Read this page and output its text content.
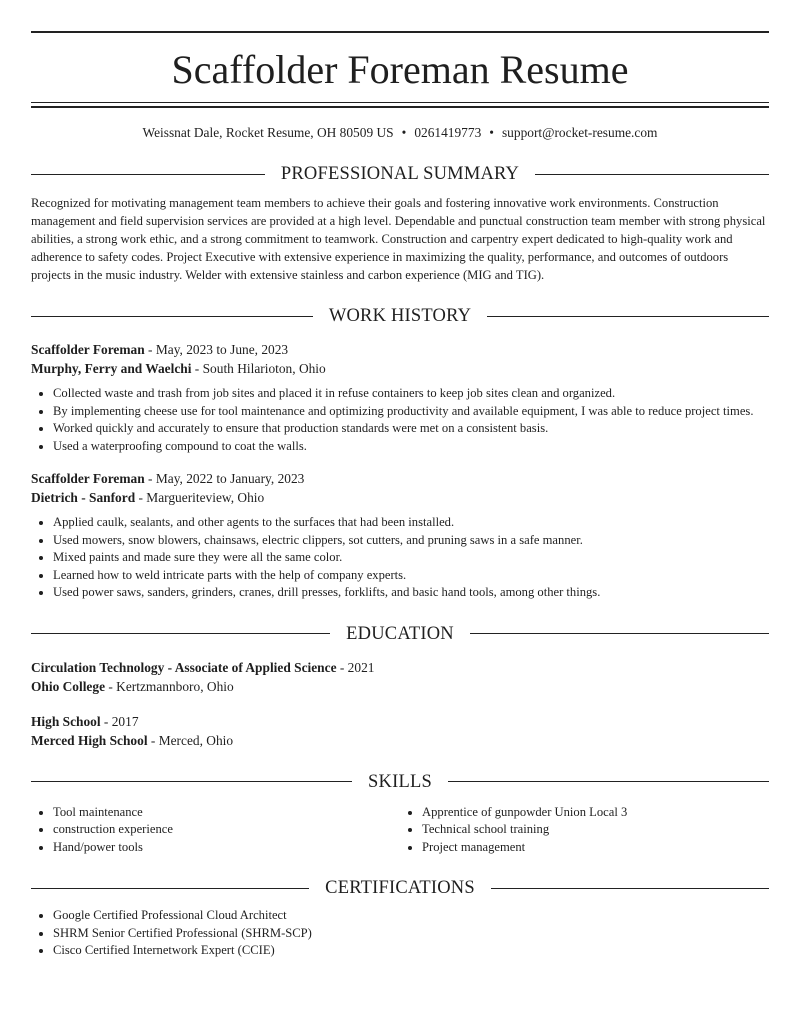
Scaffolder Foreman Resume
Weissnat Dale, Rocket Resume, OH 80509 US • 0261419773 • support@rocket-resume.com
PROFESSIONAL SUMMARY
Recognized for motivating management team members to achieve their goals and fostering innovative work environments. Construction management and field supervision services are provided at a high level. Dependable and punctual construction team member with strong physical abilities, a strong work ethic, and a strong commitment to teamwork. Construction and carpentry expert dedicated to high-quality work and adherence to safety codes. Project Executive with extensive experience in maximizing the quality, performance, and outcomes of outdoors projects in the music industry. Welder with extensive stainless and carbon experience (MIG and TIG).
WORK HISTORY
Scaffolder Foreman - May, 2023 to June, 2023
Murphy, Ferry and Waelchi - South Hilarioton, Ohio
• Collected waste and trash from job sites and placed it in refuse containers to keep job sites clean and organized.
• By implementing cheese use for tool maintenance and optimizing productivity and available equipment, I was able to reduce project times.
• Worked quickly and accurately to ensure that production standards were met on a consistent basis.
• Used a waterproofing compound to coat the walls.
Scaffolder Foreman - May, 2022 to January, 2023
Dietrich - Sanford - Margueriteview, Ohio
• Applied caulk, sealants, and other agents to the surfaces that had been installed.
• Used mowers, snow blowers, chainsaws, electric clippers, sot cutters, and pruning saws in a safe manner.
• Mixed paints and made sure they were all the same color.
• Learned how to weld intricate parts with the help of company experts.
• Used power saws, sanders, grinders, cranes, drill presses, forklifts, and basic hand tools, among other things.
EDUCATION
Circulation Technology - Associate of Applied Science - 2021
Ohio College - Kertzmannboro, Ohio
High School - 2017
Merced High School - Merced, Ohio
SKILLS
• Tool maintenance
• construction experience
• Hand/power tools
• Apprentice of gunpowder Union Local 3
• Technical school training
• Project management
CERTIFICATIONS
• Google Certified Professional Cloud Architect
• SHRM Senior Certified Professional (SHRM-SCP)
• Cisco Certified Internetwork Expert (CCIE)
